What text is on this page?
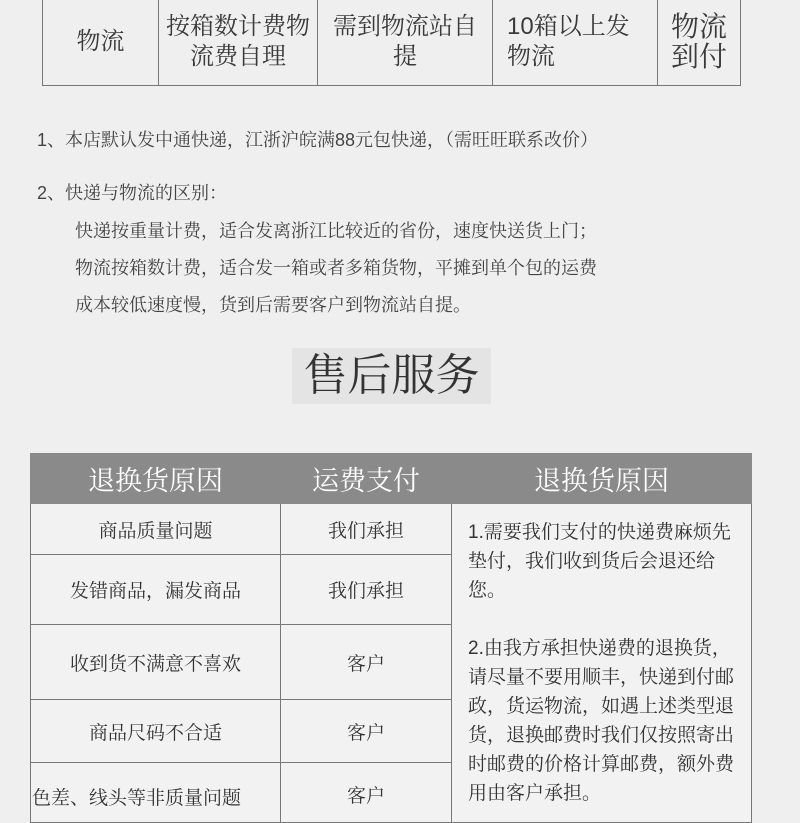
物流	按箱数计费物流费自理	需到物流站自提	10箱以上发物流	物流到付
1、本店默认发中通快递，江浙沪皖满88元包快递，（需旺旺联系改价）
2、快递与物流的区别：
快递按重量计费，适合发离浙江比较近的省份，速度快送货上门；
物流按箱数计费，适合发一箱或者多箱货物，平摊到单个包的运费
成本较低速度慢，货到后需要客户到物流站自提。
售后服务
退换货原因	运费支付	退换货原因
商品质量问题	我们承担	1.需要我们支付的快递费麻烦先垫付，我们收到货后会退还给您。
2.由我方承担快递费的退换货，请尽量不要用顺丰，快递到付邮政，货运物流，如遇上述类型退货，退换邮费时我们仅按照寄出时邮费的价格计算邮费，额外费用由客户承担。

发错商品，漏发商品	我们承担	
收到货不满意不喜欢	客户	
商品尺码不合适	客户	
色差、线头等非质量问题	客户	
